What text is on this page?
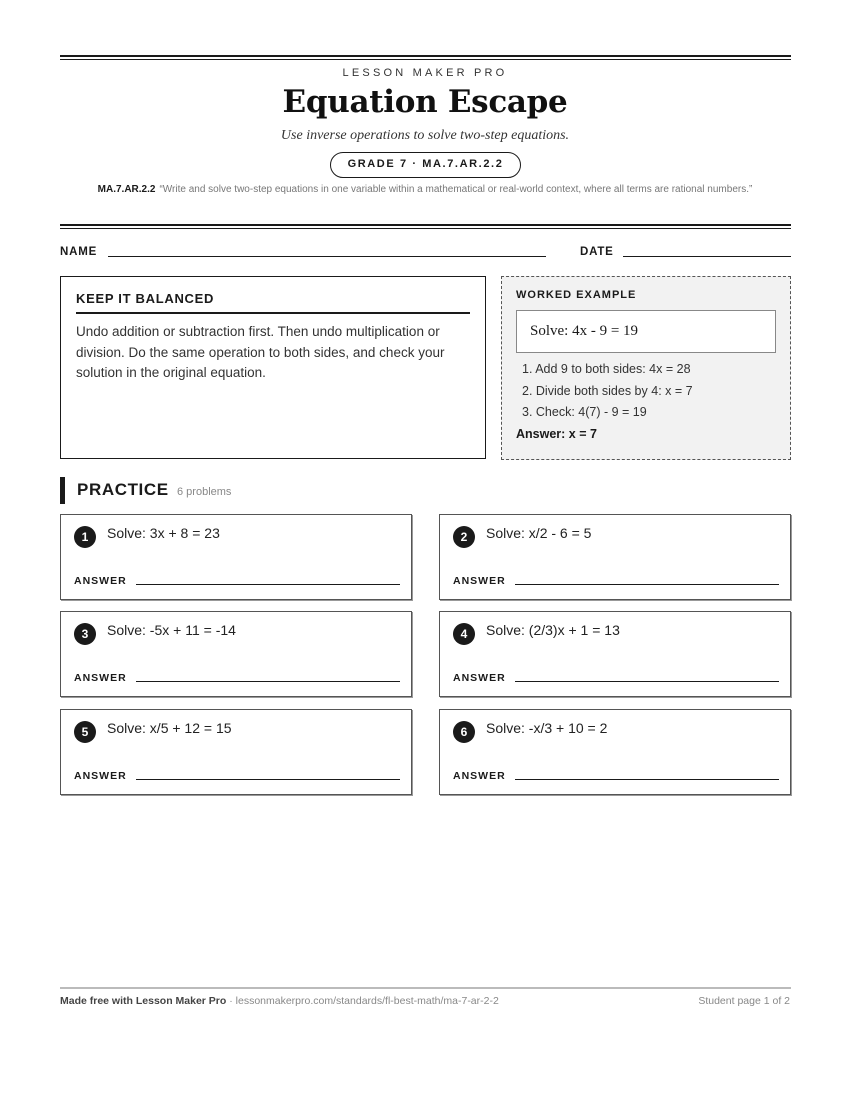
LESSON MAKER PRO
Equation Escape
Use inverse operations to solve two-step equations.
GRADE 7 · MA.7.AR.2.2
MA.7.AR.2.2 “Write and solve two-step equations in one variable within a mathematical or real-world context, where all terms are rational numbers.”
NAME	DATE
KEEP IT BALANCED

Undo addition or subtraction first. Then undo multiplication or division. Do the same operation to both sides, and check your solution in the original equation.

WORKED EXAMPLE
Solve: 4x - 9 = 19
1. Add 9 to both sides: 4x = 28
2. Divide both sides by 4: x = 7
3. Check: 4(7) - 9 = 19
Answer: x = 7
PRACTICE 6 problems
1	Solve: 3x + 8 = 23
ANSWER
2	Solve: x/2 - 6 = 5
ANSWER
3	Solve: -5x + 11 = -14
ANSWER
4	Solve: (2/3)x + 1 = 13
ANSWER
5	Solve: x/5 + 12 = 15
ANSWER
6	Solve: -x/3 + 10 = 2
ANSWER
Made free with Lesson Maker Pro · lessonmakerpro.com/standards/fl-best-math/ma-7-ar-2-2	Student page 1 of 2
